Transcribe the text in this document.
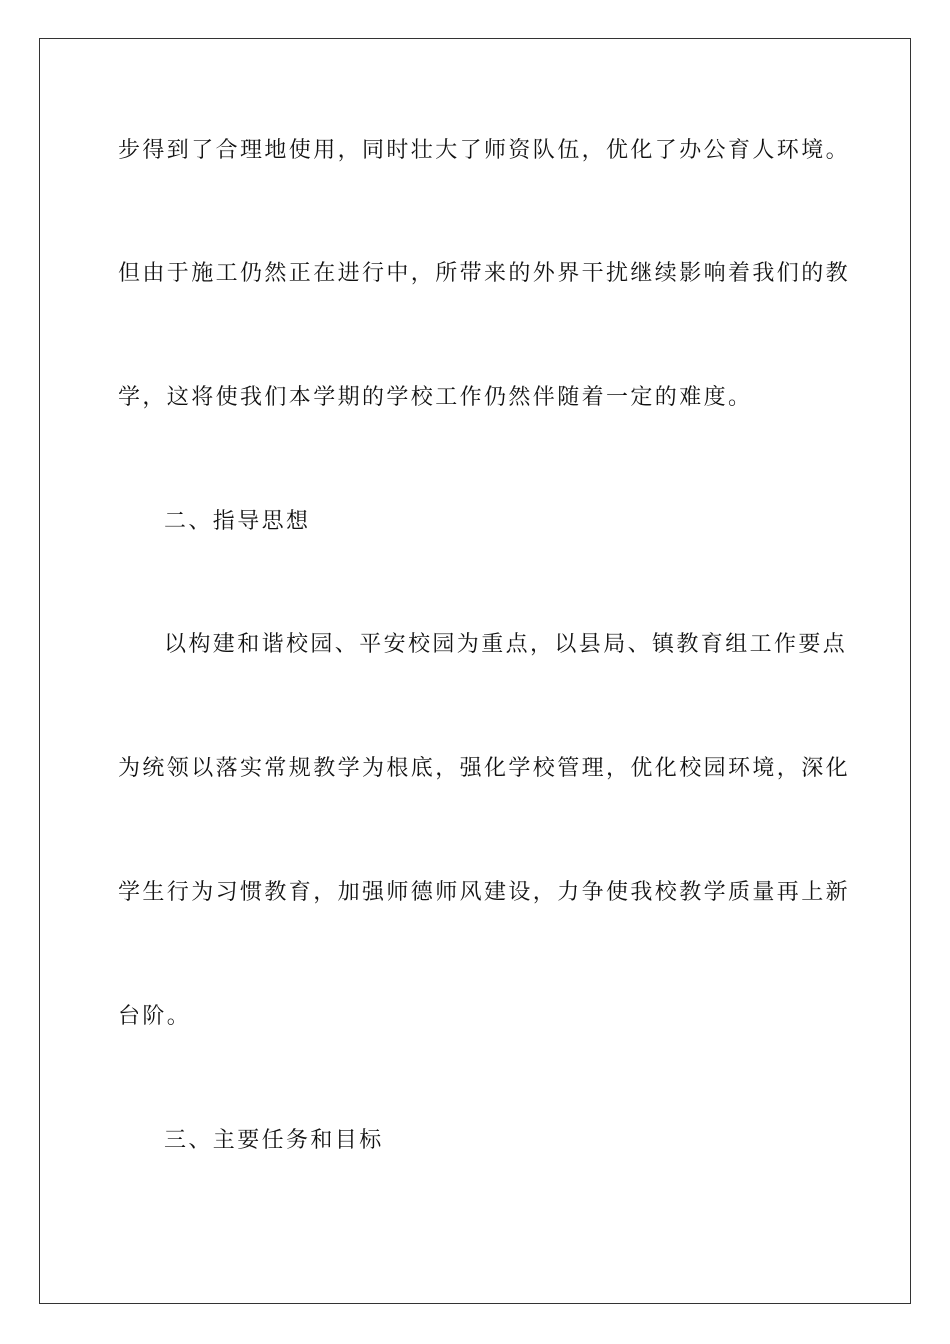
步得到了合理地使用，同时壮大了师资队伍，优化了办公育人环境。
但由于施工仍然正在进行中，所带来的外界干扰继续影响着我们的教
学，这将使我们本学期的学校工作仍然伴随着一定的难度。
二、指导思想
以构建和谐校园、平安校园为重点，以县局、镇教育组工作要点
为统领以落实常规教学为根底，强化学校管理，优化校园环境，深化
学生行为习惯教育，加强师德师风建设，力争使我校教学质量再上新
台阶。
三、主要任务和目标
